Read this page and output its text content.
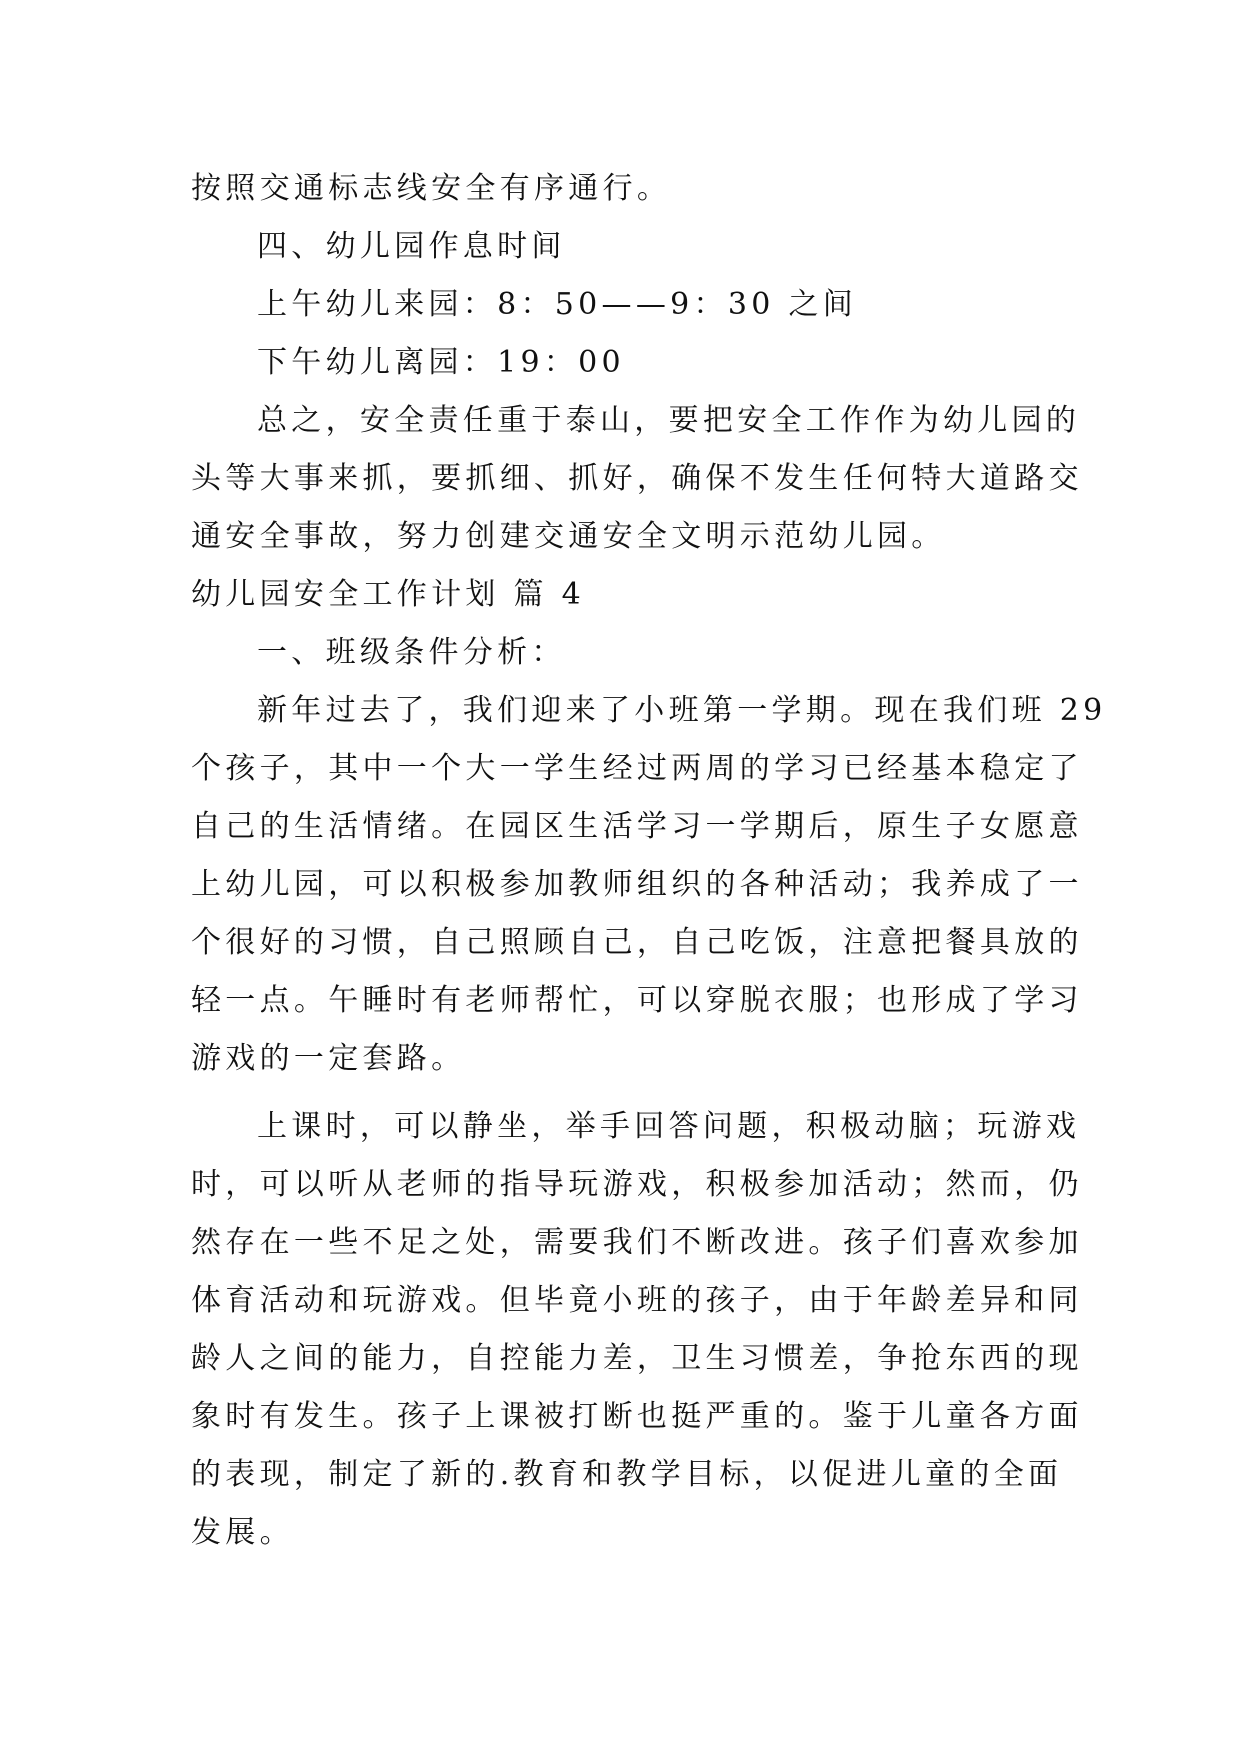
按照交通标志线安全有序通行。
四、幼儿园作息时间
上午幼儿来园：8：50——9：30 之间
下午幼儿离园：19：00
总之，安全责任重于泰山，要把安全工作作为幼儿园的
头等大事来抓，要抓细、抓好，确保不发生任何特大道路交
通安全事故，努力创建交通安全文明示范幼儿园。
幼儿园安全工作计划 篇 4
一、班级条件分析：
新年过去了，我们迎来了小班第一学期。现在我们班 29
个孩子，其中一个大一学生经过两周的学习已经基本稳定了
自己的生活情绪。在园区生活学习一学期后，原生子女愿意
上幼儿园，可以积极参加教师组织的各种活动；我养成了一
个很好的习惯，自己照顾自己，自己吃饭，注意把餐具放的
轻一点。午睡时有老师帮忙，可以穿脱衣服；也形成了学习
游戏的一定套路。
上课时，可以静坐，举手回答问题，积极动脑；玩游戏
时，可以听从老师的指导玩游戏，积极参加活动；然而，仍
然存在一些不足之处，需要我们不断改进。孩子们喜欢参加
体育活动和玩游戏。但毕竟小班的孩子，由于年龄差异和同
龄人之间的能力，自控能力差，卫生习惯差，争抢东西的现
象时有发生。孩子上课被打断也挺严重的。鉴于儿童各方面
的表现，制定了新的.教育和教学目标，以促进儿童的全面
发展。
